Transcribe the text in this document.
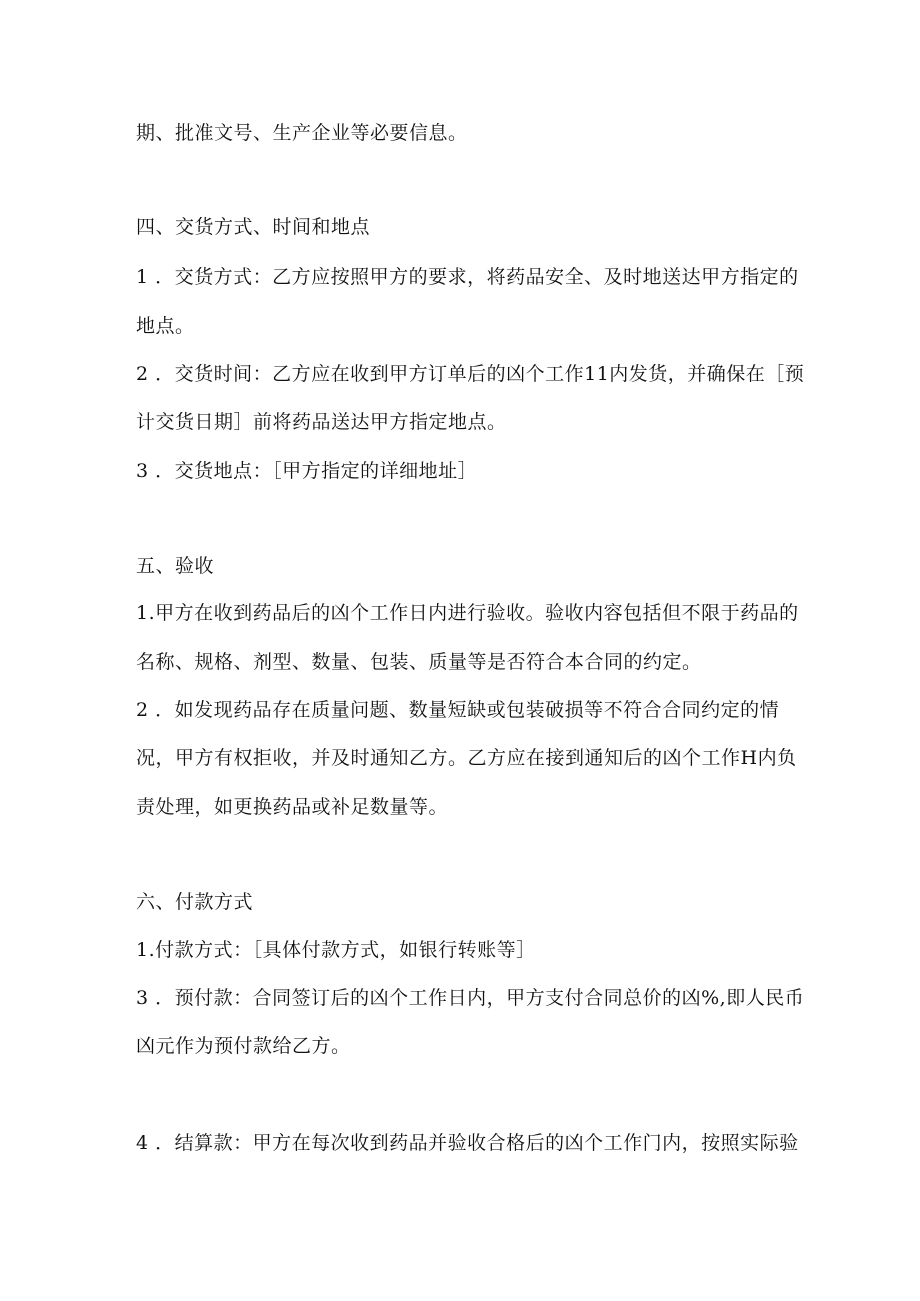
期、批准文号、生产企业等必要信息。
四、交货方式、时间和地点
1 ．交货方式：乙方应按照甲方的要求，将药品安全、及时地送达甲方指定的
地点。
2 ．交货时间：乙方应在收到甲方订单后的凶个工作11内发货，并确保在［预
计交货日期］前将药品送达甲方指定地点。
3 ．交货地点：［甲方指定的详细地址］
五、验收
1.甲方在收到药品后的凶个工作日内进行验收。验收内容包括但不限于药品的
名称、规格、剂型、数量、包装、质量等是否符合本合同的约定。
2 ．如发现药品存在质量问题、数量短缺或包装破损等不符合合同约定的情
况，甲方有权拒收，并及时通知乙方。乙方应在接到通知后的凶个工作H内负
责处理，如更换药品或补足数量等。
六、付款方式
1.付款方式：［具体付款方式，如银行转账等］
3 ．预付款：合同签订后的凶个工作日内，甲方支付合同总价的凶%,即人民币
凶元作为预付款给乙方。
4 ．结算款：甲方在每次收到药品并验收合格后的凶个工作门内，按照实际验
